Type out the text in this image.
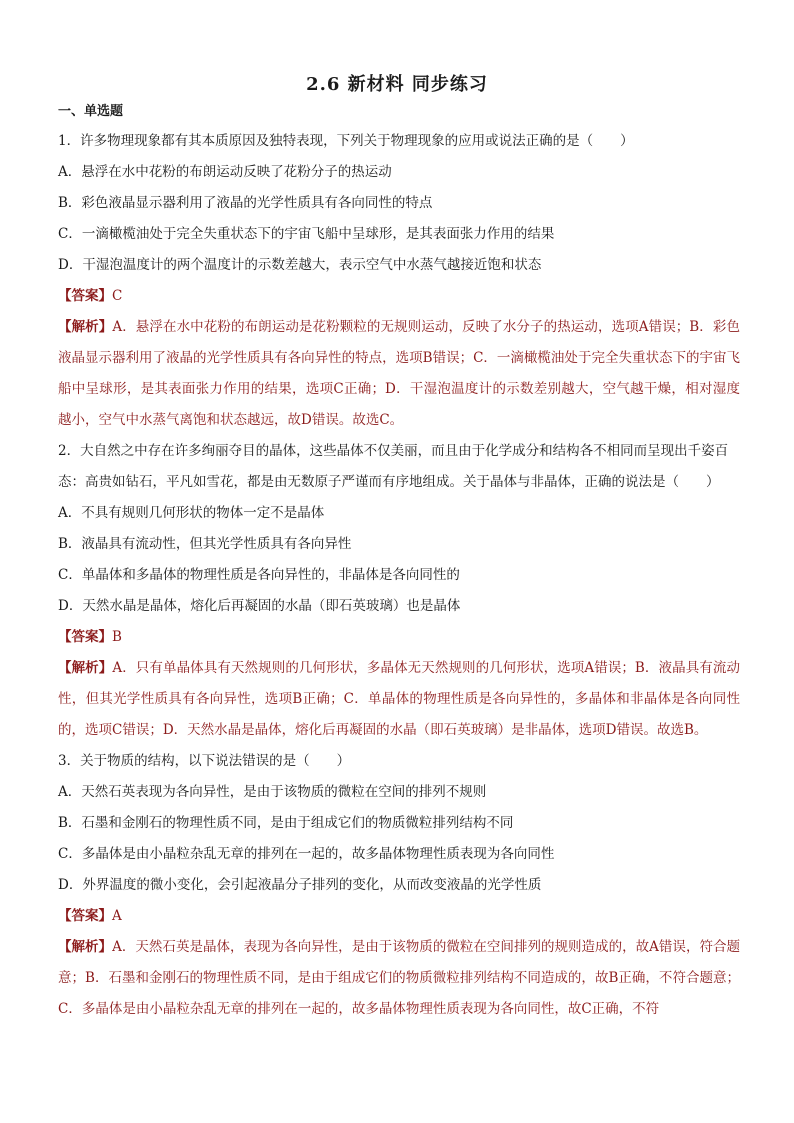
2.6 新材料 同步练习
一、单选题
1．许多物理现象都有其本质原因及独特表现，下列关于物理现象的应用或说法正确的是（　　）
A．悬浮在水中花粉的布朗运动反映了花粉分子的热运动
B．彩色液晶显示器利用了液晶的光学性质具有各向同性的特点
C．一滴橄榄油处于完全失重状态下的宇宙飞船中呈球形，是其表面张力作用的结果
D．干湿泡温度计的两个温度计的示数差越大，表示空气中水蒸气越接近饱和状态
【答案】C
【解析】A．悬浮在水中花粉的布朗运动是花粉颗粒的无规则运动，反映了水分子的热运动，选项A错误；B．彩色液晶显示器利用了液晶的光学性质具有各向异性的特点，选项B错误；C．一滴橄榄油处于完全失重状态下的宇宙飞船中呈球形，是其表面张力作用的结果，选项C正确；D．干湿泡温度计的示数差别越大，空气越干燥，相对湿度越小，空气中水蒸气离饱和状态越远，故D错误。故选C。
2．大自然之中存在许多绚丽夺目的晶体，这些晶体不仅美丽，而且由于化学成分和结构各不相同而呈现出千姿百态：高贵如钻石，平凡如雪花，都是由无数原子严谨而有序地组成。关于晶体与非晶体，正确的说法是（　　）
A．不具有规则几何形状的物体一定不是晶体
B．液晶具有流动性，但其光学性质具有各向异性
C．单晶体和多晶体的物理性质是各向异性的，非晶体是各向同性的
D．天然水晶是晶体，熔化后再凝固的水晶（即石英玻璃）也是晶体
【答案】B
【解析】A．只有单晶体具有天然规则的几何形状，多晶体无天然规则的几何形状，选项A错误；B．液晶具有流动性，但其光学性质具有各向异性，选项B正确；C．单晶体的物理性质是各向异性的，多晶体和非晶体是各向同性的，选项C错误；D．天然水晶是晶体，熔化后再凝固的水晶（即石英玻璃）是非晶体，选项D错误。故选B。
3．关于物质的结构，以下说法错误的是（　　）
A．天然石英表现为各向异性，是由于该物质的微粒在空间的排列不规则
B．石墨和金刚石的物理性质不同，是由于组成它们的物质微粒排列结构不同
C．多晶体是由小晶粒杂乱无章的排列在一起的，故多晶体物理性质表现为各向同性
D．外界温度的微小变化，会引起液晶分子排列的变化，从而改变液晶的光学性质
【答案】A
【解析】A．天然石英是晶体，表现为各向异性，是由于该物质的微粒在空间排列的规则造成的，故A错误，符合题意；B．石墨和金刚石的物理性质不同，是由于组成它们的物质微粒排列结构不同造成的，故B正确，不符合题意；C．多晶体是由小晶粒杂乱无章的排列在一起的，故多晶体物理性质表现为各向同性，故C正确，不符
